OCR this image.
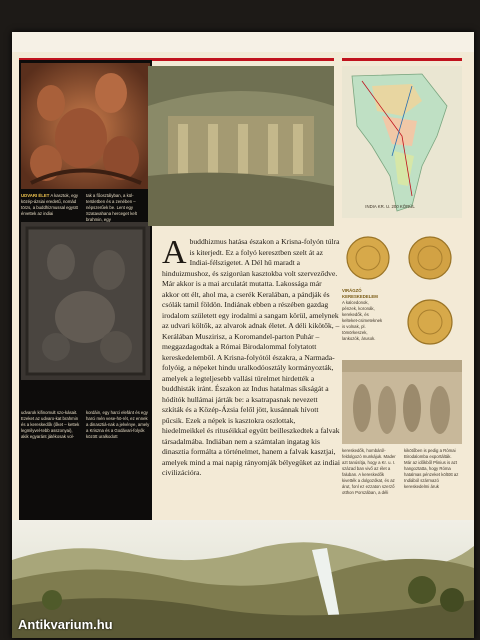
UDVARI ÉLET A kasztok, egy közép-ázsiai eredetű, nomád törzs, a buddhizmussal együtt érvettek az indiai
tak a főosztályban, a kül-területben és a zenében – népszerűek be. Lent egy Szatavahana herceget kelt brahmin, egy
udvarok kifinomult szo-kásait. Ezeket az udvaro-kat brahmin és a kereskedők (őket – kettek legmilyvel-tebb asszonyai), akik egyaránt játékosak vol-
kordáin, egy harci elefánt és egy harci mén vese-hö-rét, ez ennek a dinasztiá-nak a jelvénye, amely a Kriszna és a Godávari-folyók között uralkodott
INDIA KR. U. 200 KÖRÜL
VIRÁGZÓ KERESKEDELEM
A kalcedonok, pénzek, koronák, kerekedők, és kelteket-csimeteknek is volnak, pl. tömörkeszek, lankozók, árusok.
kereskedők, hombáról-feldolgozó munkájuk. Mader azt tanúsítja, hogy a Kr. u. I. század ban vivő az élet a faluban. A kereskedők kivették a dolgozókat, és az árut, fonl ez ezzaton szerző otthon Porszában, a déli
kikötőben is pedig a Római Birodalomba exportálták. Már az időkből Plinius is azt hangoztatta, hogy Róma hatalmas pénzeket költött az Indiából származó kereskedelmi áruk
A buddhizmus hatása északon a Krisna-folyón túlra is kiterjedt. Ez a folyó keresztben szelt át az Indiai-félszigetet. A Dél hű maradt a hinduizmushoz, és szigorúan kasztokba volt szerveződve. Már akkor is a mai arculatát mutatta. Lakossága már akkor ott élt, ahol ma, a cserék Keralában, a pándják és csólák tamil földön. Indiának ebben a részében gazdag irodalom született egy irodalmi a sangam körül, amelynek az udvari költők, az alvarok adnak életet. A déli kikötők, – Kerálában Muszirisz, a Koromandel-parton Puhár – meggazdagodtak a Római Birodalommal folytatott kereskedelemből. A Krisna-folyótól északra, a Narmada-folyóig, a népeket hindu uralkodóosztály kormányozták, amelyek a legteljesebb vallási türelmet hirdették a buddhisták iránt. Északon az Indus hatalmas síkságát a hódítók hullámai járták be: a ksatrapasnak nevezett szkíták és a Közép-Ázsia felől jött, kusánnak hívott pűcsik. Ezek a népek is kasztokra oszlottak, hiedelmeikkel és rituséikkal együtt beilleszkedtek a falvak társadalmába. Indiában nem a számtalan ingatag kis dinasztia formálta a történelmet, hanem a falvak kasztjai, amelyek mind a mai napig rányomják bélyegüket az indiai civilizációra.
Antikvarium.hu
